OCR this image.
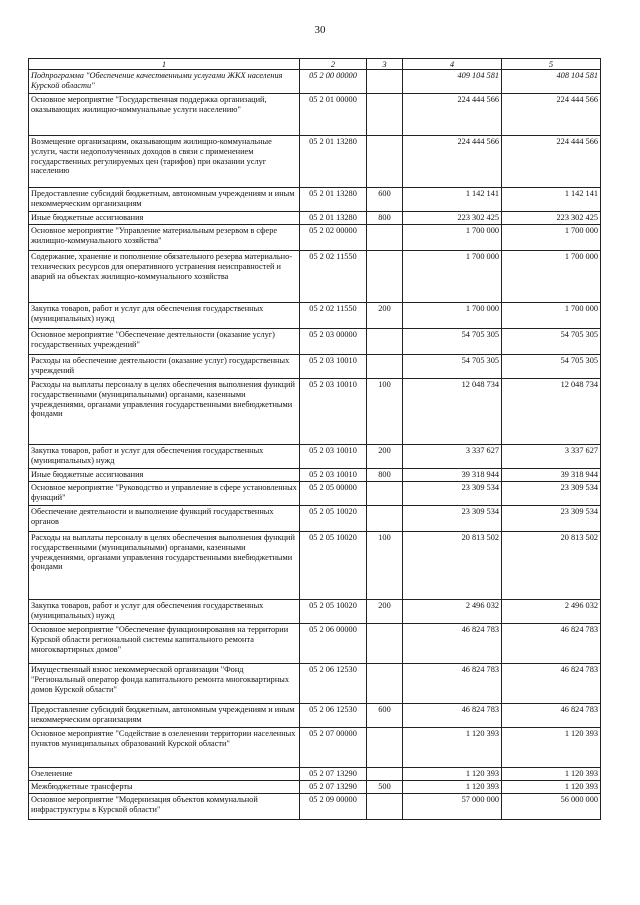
30
1	2	3	4	5
Подпрограмма "Обеспечение качественными услугами ЖКХ населения Курской области"	05 2 00 00000		409 104 581	408 104 581
Основное мероприятие "Государственная поддержка организаций, оказывающих жилищно-коммунальные услуги населению"	05 2 01 00000		224 444 566	224 444 566
Возмещение организациям, оказывающим жилищно-коммунальные услуги, части недополученных доходов в связи с применением государственных регулируемых цен (тарифов) при оказании услуг населению	05 2 01 13280		224 444 566	224 444 566
Предоставление субсидий бюджетным, автономным учреждениям и иным некоммерческим организациям	05 2 01 13280	600	1 142 141	1 142 141
Иные бюджетные ассигнования	05 2 01 13280	800	223 302 425	223 302 425
Основное мероприятие "Управление материальным резервом в сфере жилищно-коммунального хозяйства"	05 2 02 00000		1 700 000	1 700 000
Содержание, хранение и пополнение обязательного резерва материально-технических ресурсов для оперативного устранения неисправностей и аварий на объектах жилищно-коммунального хозяйства	05 2 02 11550		1 700 000	1 700 000
Закупка товаров, работ и услуг для обеспечения государственных (муниципальных) нужд	05 2 02 11550	200	1 700 000	1 700 000
Основное мероприятие "Обеспечение деятельности (оказание услуг) государственных учреждений"	05 2 03 00000		54 705 305	54 705 305
Расходы на обеспечение деятельности (оказание услуг) государственных учреждений	05 2 03 10010		54 705 305	54 705 305
Расходы на выплаты персоналу в целях обеспечения выполнения функций государственными (муниципальными) органами, казенными учреждениями, органами управления государственными внебюджетными фондами	05 2 03 10010	100	12 048 734	12 048 734
Закупка товаров, работ и услуг для обеспечения государственных (муниципальных) нужд	05 2 03 10010	200	3 337 627	3 337 627
Иные бюджетные ассигнования	05 2 03 10010	800	39 318 944	39 318 944
Основное мероприятие "Руководство и управление в сфере установленных функций"	05 2 05 00000		23 309 534	23 309 534
Обеспечение деятельности и выполнение функций государственных органов	05 2 05 10020		23 309 534	23 309 534
Расходы на выплаты персоналу в целях обеспечения выполнения функций государственными (муниципальными) органами, казенными учреждениями, органами управления государственными внебюджетными фондами	05 2 05 10020	100	20 813 502	20 813 502
Закупка товаров, работ и услуг для обеспечения государственных (муниципальных) нужд	05 2 05 10020	200	2 496 032	2 496 032
Основное мероприятие "Обеспечение функционирования на территории Курской области региональной системы капитального ремонта многоквартирных домов"	05 2 06 00000		46 824 783	46 824 783
Имущественный взнос некоммерческой организации "Фонд "Региональный оператор фонда капитального ремонта многоквартирных домов Курской области"	05 2 06 12530		46 824 783	46 824 783
Предоставление субсидий бюджетным, автономным учреждениям и иным некоммерческим организациям	05 2 06 12530	600	46 824 783	46 824 783
Основное мероприятие "Содействие в озеленении территории населенных пунктов муниципальных образований Курской области"	05 2 07 00000		1 120 393	1 120 393
Озеленение	05 2 07 13290		1 120 393	1 120 393
Межбюджетные трансферты	05 2 07 13290	500	1 120 393	1 120 393
Основное мероприятие "Модернизация объектов коммунальной инфраструктуры в Курской области"	05 2 09 00000		57 000 000	56 000 000
